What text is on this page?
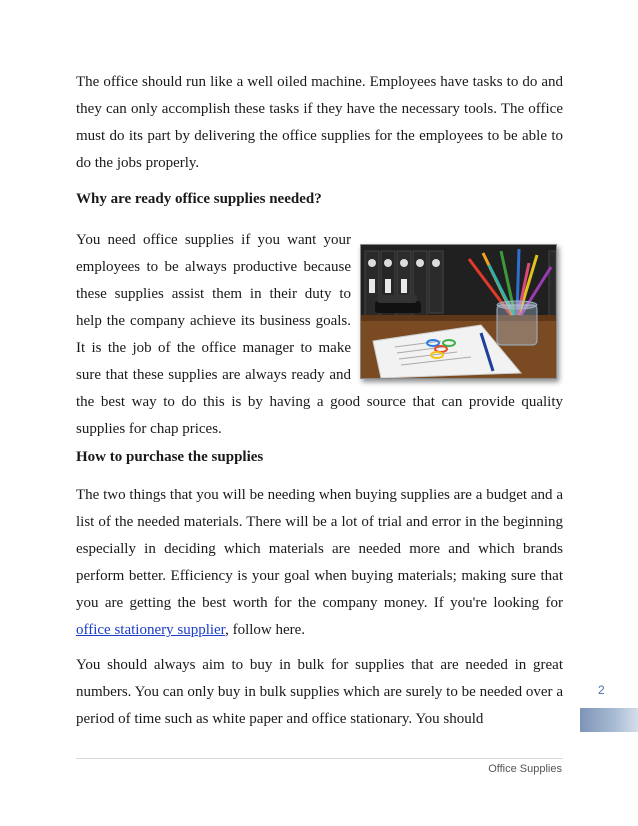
The office should run like a well oiled machine. Employees have tasks to do and they can only accomplish these tasks if they have the necessary tools. The office must do its part by delivering the office supplies for the employees to be able to do the jobs properly.

Why are ready office supplies needed?

You need office supplies if you want your employees to be always productive because these supplies assist them in their duty to help the company achieve its business goals. It is the job of the office manager to make sure that these supplies are always ready and the best way to do this is by having a good source that can provide quality supplies for chap prices.

How to purchase the supplies

The two things that you will be needing when buying supplies are a budget and a list of the needed materials. There will be a lot of trial and error in the beginning especially in deciding which materials are needed more and which brands perform better. Efficiency is your goal when buying materials; making sure that you are getting the best worth for the company money. If you're looking for office stationery supplier, follow here.

You should always aim to buy in bulk for supplies that are needed in great numbers. You can only buy in bulk supplies which are surely to be needed over a period of time such as white paper and office stationary. You should

2
Office Supplies
